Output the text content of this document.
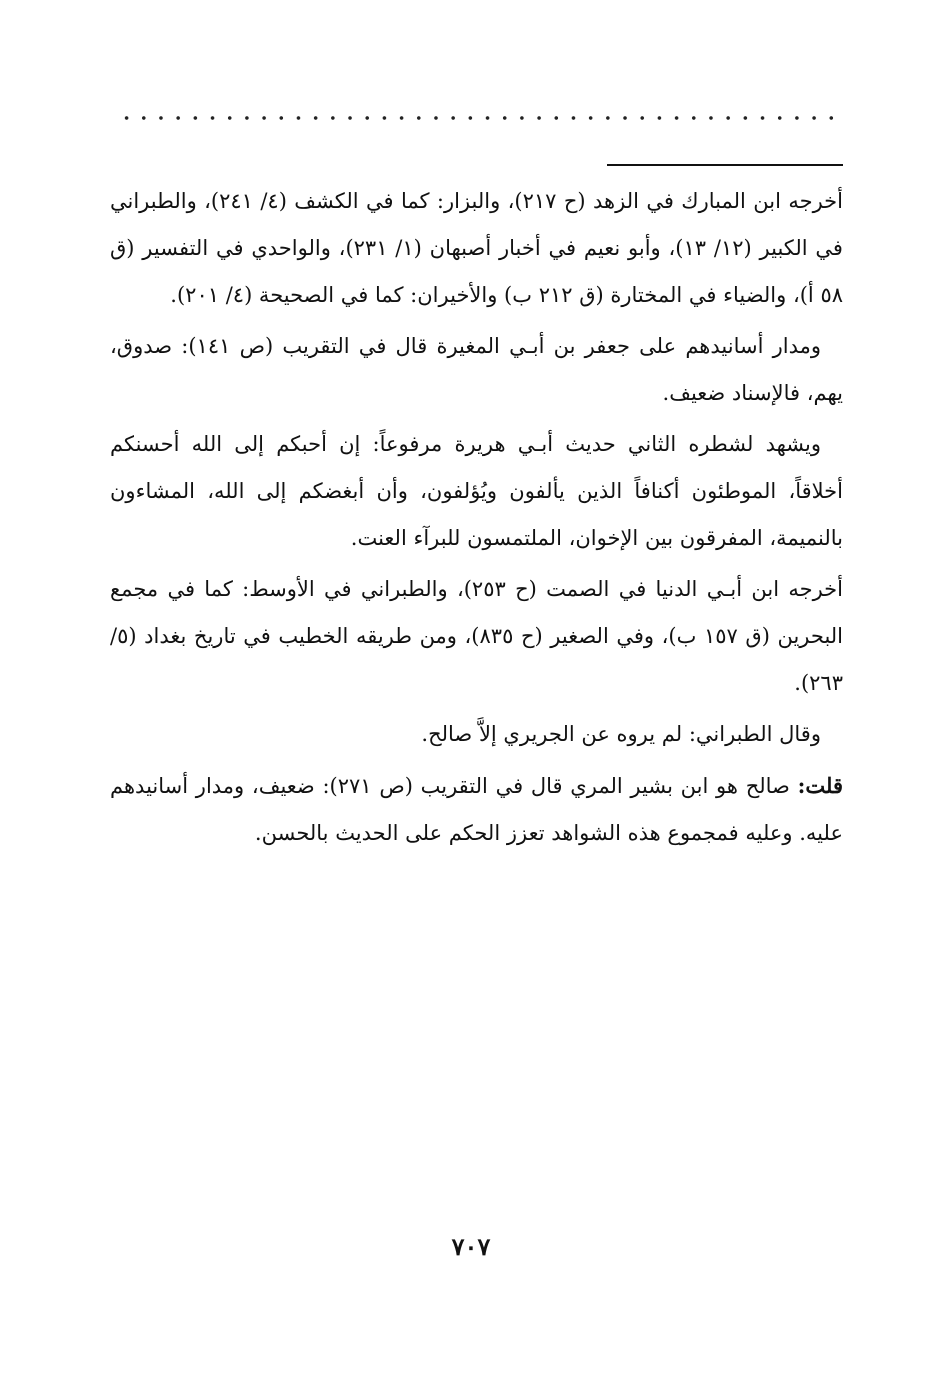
أخرجه ابن المبارك في الزهد (ح ٢١٧)، والبزار: كما في الكشف (٤/ ٢٤١)، والطبراني في الكبير (١٢/ ١٣)، وأبو نعيم في أخبار أصبهان (١/ ٢٣١)، والواحدي في التفسير (ق ٥٨ أ)، والضياء في المختارة (ق ٢١٢ ب) والأخيران: كما في الصحيحة (٤/ ٢٠١).

ومدار أسانيدهم على جعفر بن أبـي المغيرة قال في التقريب (ص ١٤١): صدوق، يهم، فالإسناد ضعيف.

ويشهد لشطره الثاني حديث أبـي هريرة مرفوعاً: إن أحبكم إلى الله أحسنكم أخلاقاً، الموطئون أكنافاً الذين يألفون ويُؤلفون، وأن أبغضكم إلى الله، المشاءون بالنميمة، المفرقون بين الإخوان، الملتمسون للبرآء العنت.

أخرجه ابن أبـي الدنيا في الصمت (ح ٢٥٣)، والطبراني في الأوسط: كما في مجمع البحرين (ق ١٥٧ ب)، وفي الصغير (ح ٨٣٥)، ومن طريقه الخطيب في تاريخ بغداد (٥/ ٢٦٣).

وقال الطبراني: لم يروه عن الجريري إلاَّ صالح.

قلت: صالح هو ابن بشير المري قال في التقريب (ص ٢٧١): ضعيف، ومدار أسانيدهم عليه. وعليه فمجموع هذه الشواهد تعزز الحكم على الحديث بالحسن.

٧٠٧
